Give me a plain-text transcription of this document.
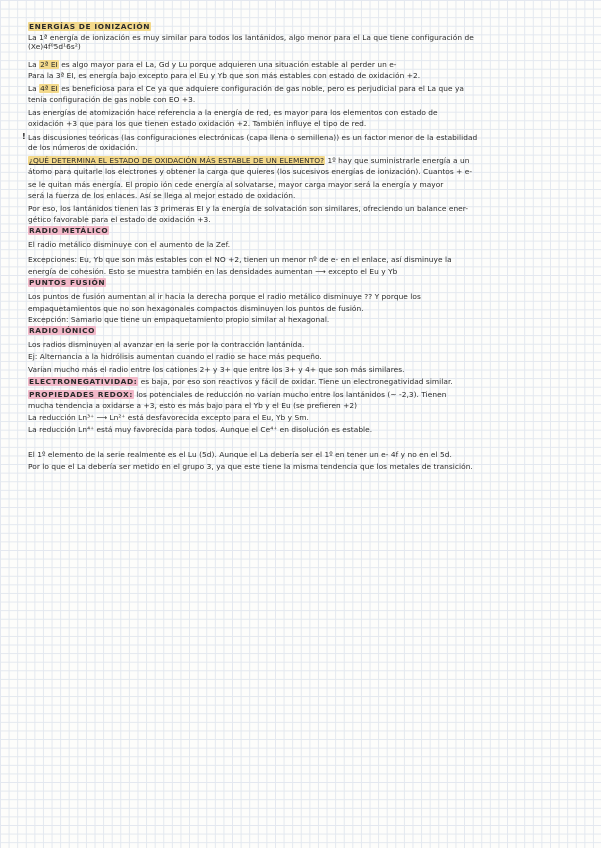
ENERGÍAS DE IONIZACIÓN
La 1ª energía de ionización es muy similar para todos los lantánidos, algo menor para el La que tiene configuración de
(Xe)4f⁰5d¹6s²)
La 2ª EI es algo mayor para el La, Gd y Lu porque adquieren una situación estable al perder un e-
Para la 3ª EI, es energía bajo excepto para el Eu y Yb que son más estables con estado de oxidación +2.
La 4ª EI es beneficiosa para el Ce ya que adquiere configuración de gas noble, pero es perjudicial para el La que ya
tenía configuración de gas noble con EO +3.
Las energías de atomización hace referencia a la energía de red, es mayor para los elementos con estado de
oxidación +3 que para los que tienen estado oxidación +2. También influye el tipo de red.
! Las discusiones teóricas (las configuraciones electrónicas (capa llena o semillena)) es un factor menor de la estabilidad
de los números de oxidación.
¿QUÉ DETERMINA EL ESTADO DE OXIDACIÓN MÁS ESTABLE DE UN ELEMENTO? 1º hay que suministrarle energía a un
átomo para quitarle los electrones y obtener la carga que quieres (los sucesivos energías de ionización). Cuantos + e-
se le quitan más energía. El propio ión cede energía al solvatarse, mayor carga mayor será la energía y mayor
será la fuerza de los enlaces. Así se llega al mejor estado de oxidación.
Por eso, los lantánidos tienen las 3 primeras EI y la energía de solvatación son similares, ofreciendo un balance ener-
gético favorable para el estado de oxidación +3.
RADIO METÁLICO
El radio metálico disminuye con el aumento de la Zef.
Excepciones: Eu, Yb que son más estables con el NO +2, tienen un menor nº de e- en el enlace, así disminuye la
energía de cohesión. Esto se muestra también en las densidades aumentan ⟶ excepto el Eu y Yb
PUNTOS FUSIÓN
Los puntos de fusión aumentan al ir hacia la derecha porque el radio metálico disminuye ?? Y porque los
empaquetamientos que no son hexagonales compactos disminuyen los puntos de fusión.
Excepción: Samario que tiene un empaquetamiento propio similar al hexagonal.
RADIO IÓNICO
Los radios disminuyen al avanzar en la serie por la contracción lantánida.
Ej: Alternancia a la hidrólisis aumentan cuando el radio se hace más pequeño.
Varían mucho más el radio entre los cationes 2+ y 3+ que entre los 3+ y 4+ que son más similares.
ELECTRONEGATIVIDAD: es baja, por eso son reactivos y fácil de oxidar. Tiene un electronegatividad similar.
PROPIEDADES REDOX: los potenciales de reducción no varían mucho entre los lantánidos (~ -2,3). Tienen
mucha tendencia a oxidarse a +3, esto es más bajo para el Yb y el Eu (se prefieren +2)
La reducción Ln³⁺ ⟶ Ln²⁺ está desfavorecida excepto para el Eu, Yb y Sm.
La reducción Ln⁴⁺ está muy favorecida para todos. Aunque el Ce⁴⁺ en disolución es estable.
El 1º elemento de la serie realmente es el Lu (5d). Aunque el La debería ser el 1º en tener un e- 4f y no en el 5d.
Por lo que el La debería ser metido en el grupo 3, ya que este tiene la misma tendencia que los metales de transición.
